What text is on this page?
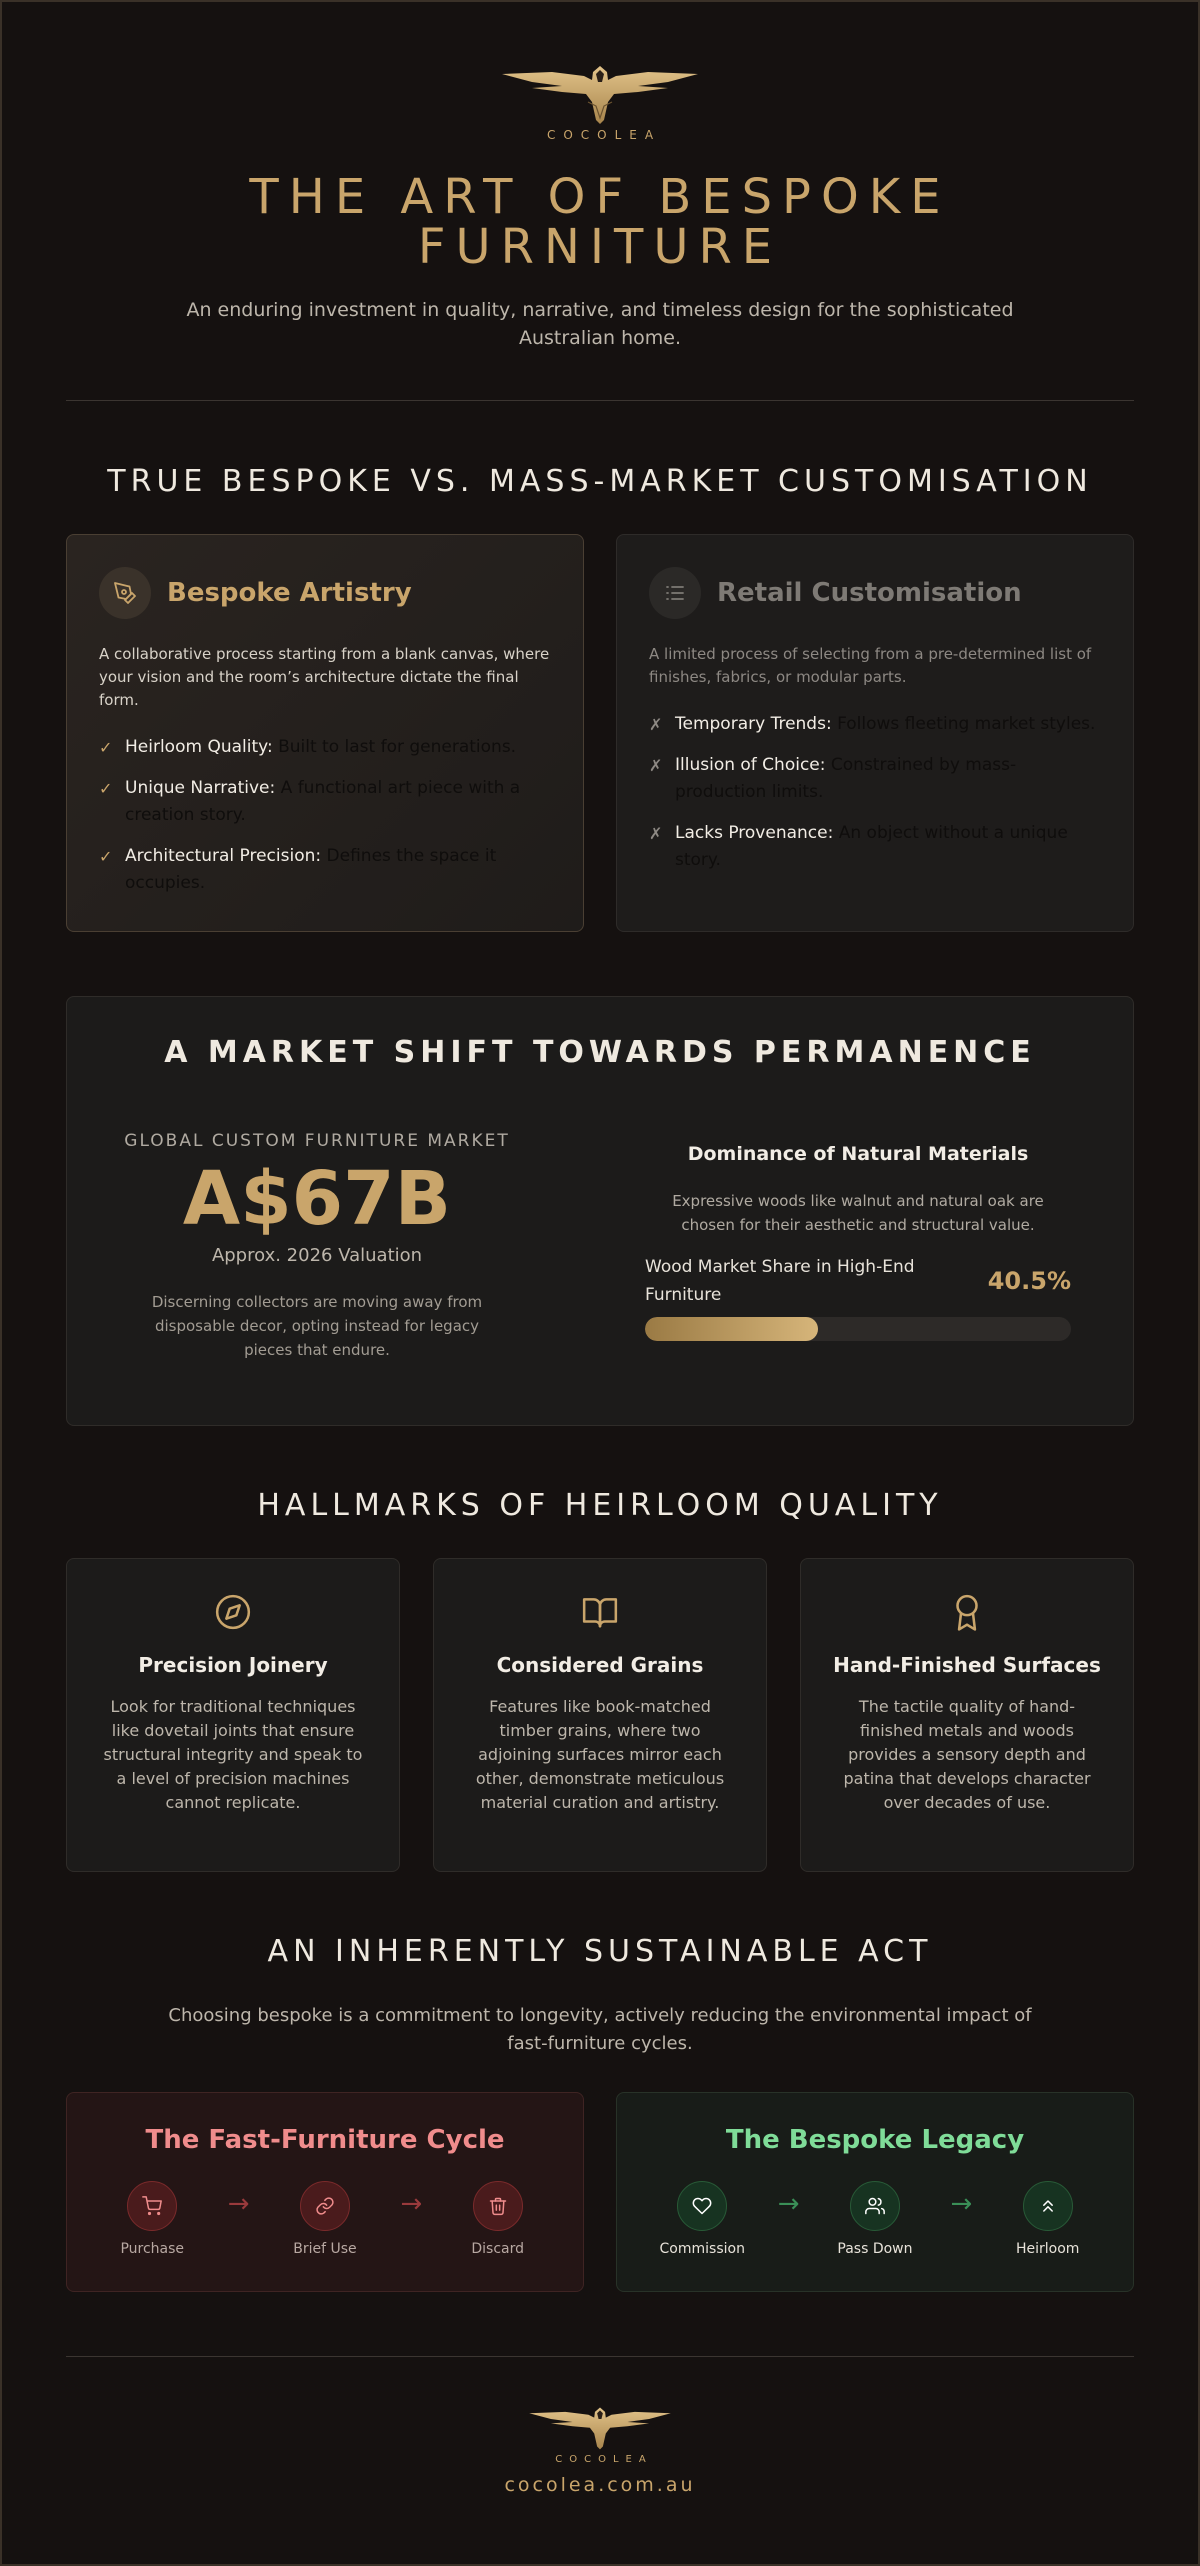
COCOLEA
THE ART OF BESPOKE FURNITURE

An enduring investment in quality, narrative, and timeless design for the sophisticated Australian home.

TRUE BESPOKE VS. MASS-MARKET CUSTOMISATION
Bespoke Artistry

A collaborative process starting from a blank canvas, where your vision and the room’s architecture dictate the final form.

✓ Heirloom Quality: Built to last for generations.
✓ Unique Narrative: A functional art piece with a creation story.
✓ Architectural Precision: Defines the space it occupies.
Retail Customisation

A limited process of selecting from a pre-determined list of finishes, fabrics, or modular parts.

✗ Temporary Trends: Follows fleeting market styles.
✗ Illusion of Choice: Constrained by mass-production limits.
✗ Lacks Provenance: An object without a unique story.
A MARKET SHIFT TOWARDS PERMANENCE
GLOBAL CUSTOM FURNITURE MARKET
A$67B
Approx. 2026 Valuation

Discerning collectors are moving away from disposable decor, opting instead for legacy pieces that endure.

Dominance of Natural Materials

Expressive woods like walnut and natural oak are chosen for their aesthetic and structural value.

Wood Market Share in High-End Furniture	40.5%
HALLMARKS OF HEIRLOOM QUALITY
Precision Joinery

Look for traditional techniques like dovetail joints that ensure structural integrity and speak to a level of precision machines cannot replicate.

Considered Grains

Features like book-matched timber grains, where two adjoining surfaces mirror each other, demonstrate meticulous material curation and artistry.

Hand-Finished Surfaces

The tactile quality of hand-finished metals and woods provides a sensory depth and patina that develops character over decades of use.

AN INHERENTLY SUSTAINABLE ACT

Choosing bespoke is a commitment to longevity, actively reducing the environmental impact of fast-furniture cycles.

The Fast-Furniture Cycle
Purchase
→
Brief Use
→
Discard
The Bespoke Legacy
Commission
→
Pass Down
→
Heirloom
COCOLEA
cocolea.com.au
